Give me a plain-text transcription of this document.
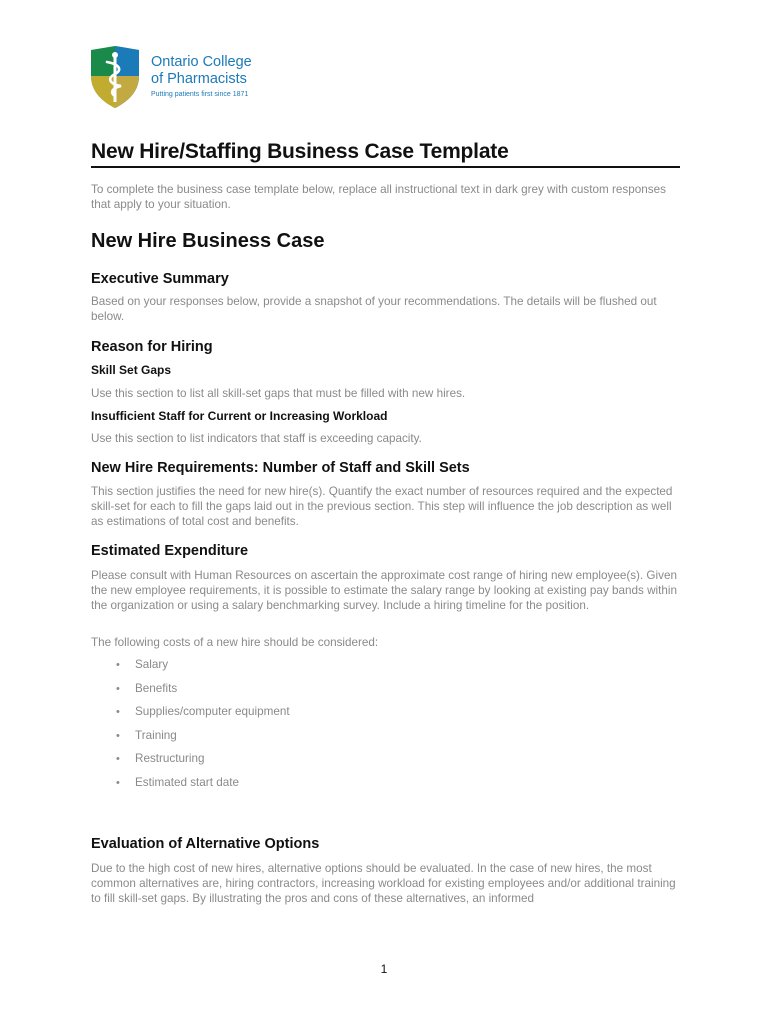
Ontario College
of Pharmacists
Putting patients first since 1871
New Hire/Staffing Business Case Template

To complete the business case template below, replace all instructional text in dark grey with custom responses that apply to your situation.

New Hire Business Case
Executive Summary

Based on your responses below, provide a snapshot of your recommendations. The details will be flushed out below.

Reason for Hiring
Skill Set Gaps

Use this section to list all skill-set gaps that must be filled with new hires.

Insufficient Staff for Current or Increasing Workload

Use this section to list indicators that staff is exceeding capacity.

New Hire Requirements: Number of Staff and Skill Sets

This section justifies the need for new hire(s). Quantify the exact number of resources required and the expected skill-set for each to fill the gaps laid out in the previous section. This step will influence the job description as well as estimations of total cost and benefits.

Estimated Expenditure

Please consult with Human Resources on ascertain the approximate cost range of hiring new employee(s). Given the new employee requirements, it is possible to estimate the salary range by looking at existing pay bands within the organization or using a salary benchmarking survey. Include a hiring timeline for the position.

The following costs of a new hire should be considered:

• Salary
• Benefits
• Supplies/computer equipment
• Training
• Restructuring
• Estimated start date
Evaluation of Alternative Options

Due to the high cost of new hires, alternative options should be evaluated. In the case of new hires, the most common alternatives are, hiring contractors, increasing workload for existing employees and/or additional training to fill skill-set gaps. By illustrating the pros and cons of these alternatives, an informed

1
